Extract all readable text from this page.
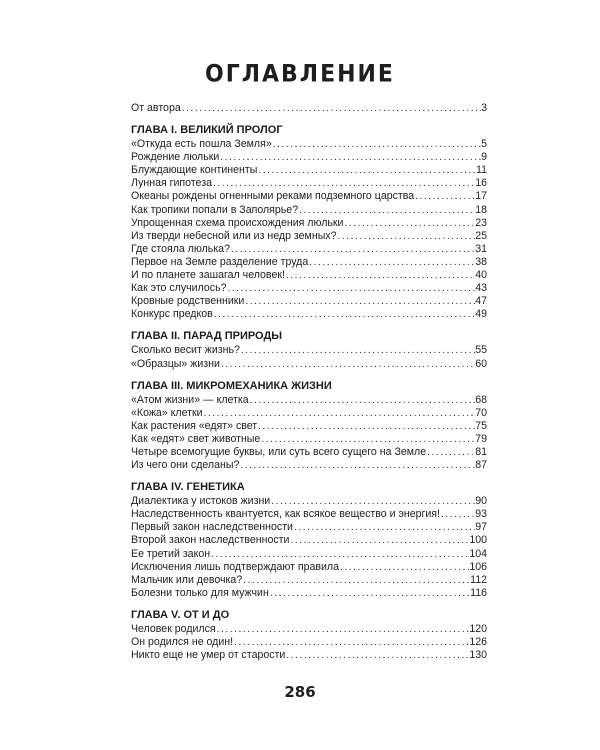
ОГЛАВЛЕНИЕ
От автора .....	3
ГЛАВА I. ВЕЛИКИЙ ПРОЛОГ
«Откуда есть пошла Земля» .....	5
Рождение люльки .....	9
Блуждающие континенты .....	11
Лунная гипотеза .....	16
Океаны рождены огненными реками подземного царства .....	17
Как тропики попали в Заполярье? .....	18
Упрощенная схема происхождения люльки .....	23
Из тверди небесной или из недр земных? .....	25
Где стояла люлька? .....	31
Первое на Земле разделение труда .....	38
И по планете зашагал человек! .....	40
Как это случилось? .....	43
Кровные родственники .....	47
Конкурс предков .....	49
ГЛАВА II. ПАРАД ПРИРОДЫ
Сколько весит жизнь? .....	55
«Образцы» жизни .....	60
ГЛАВА III. МИКРОМЕХАНИКА ЖИЗНИ
«Атом жизни» — клетка .....	68
«Кожа» клетки .....	70
Как растения «едят» свет .....	75
Как «едят» свет животные .....	79
Четыре всемогущие буквы, или суть всего сущего на Земле .....	81
Из чего они сделаны? .....	87
ГЛАВА IV. ГЕНЕТИКА
Диалектика у истоков жизни .....	90
Наследственность квантуется, как всякое вещество и энергия! .....	93
Первый закон наследственности .....	97
Второй закон наследственности .....	100
Ее третий закон .....	104
Исключения лишь подтверждают правила .....	106
Мальчик или девочка? .....	112
Болезни только для мужчин .....	116
ГЛАВА V. ОТ И ДО
Человек родился .....	120
Он родился не один! .....	126
Никто еще не умер от старости .....	130
286
